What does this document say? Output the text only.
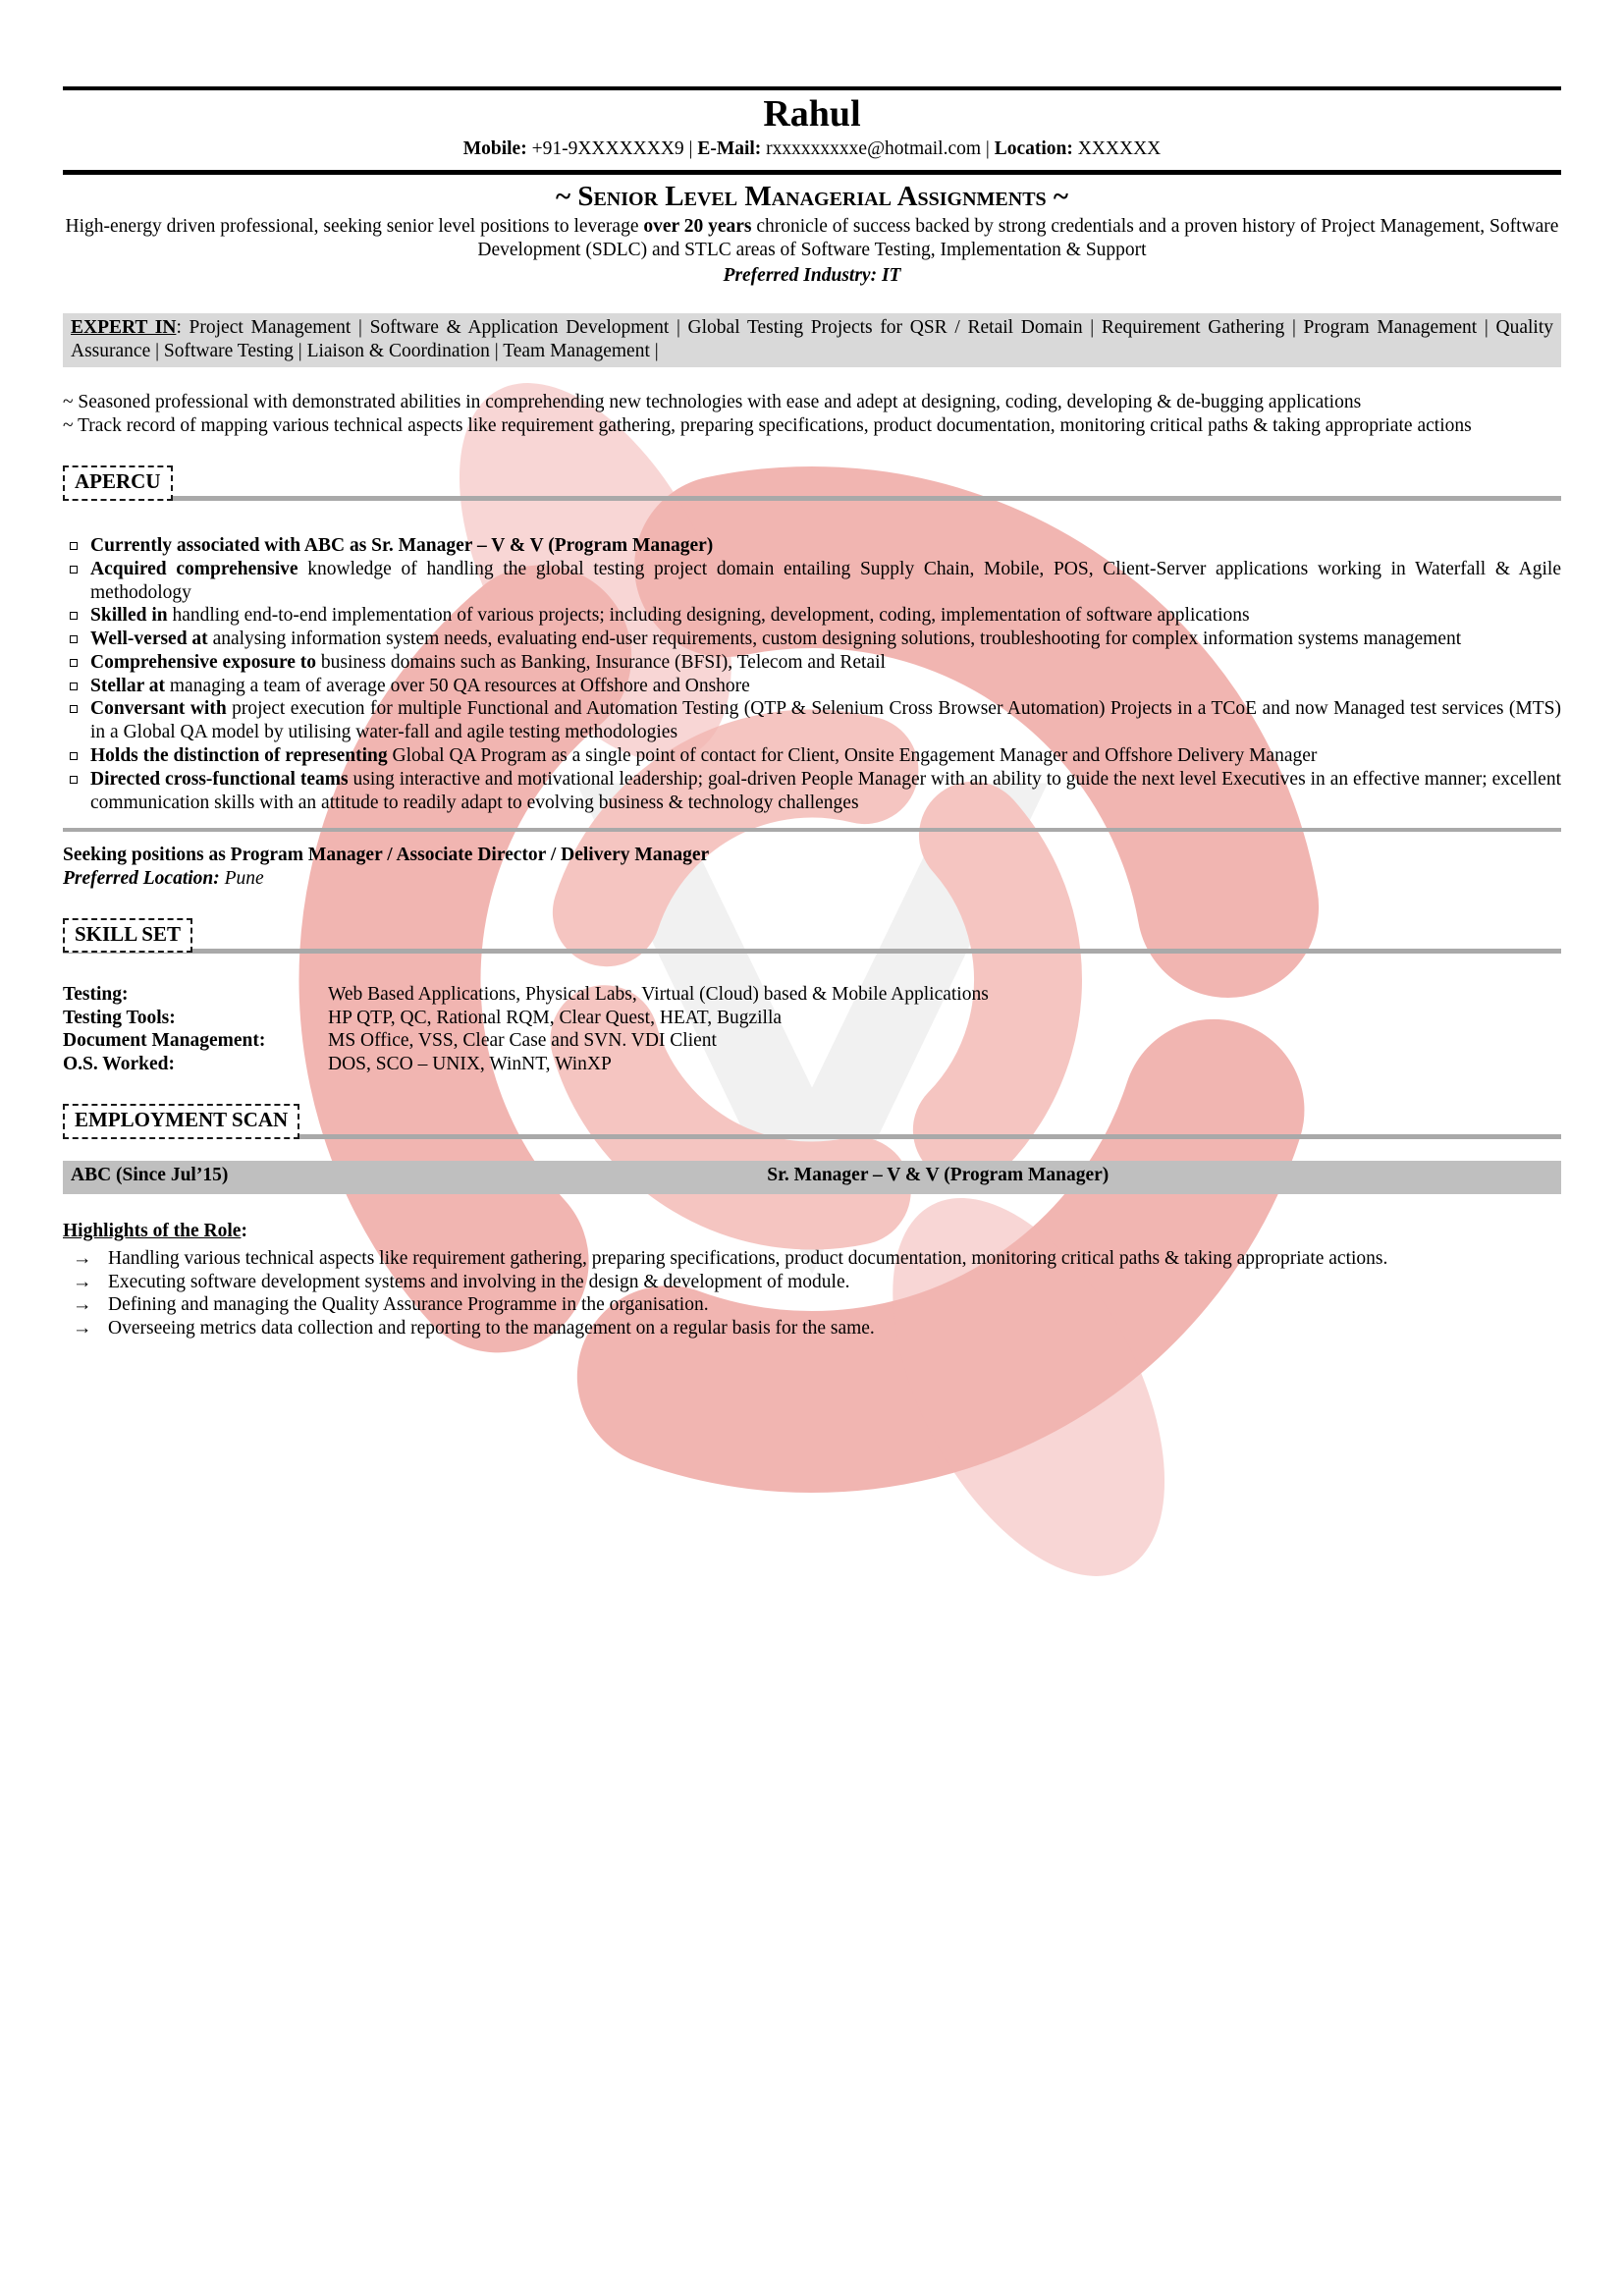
Rahul
Mobile: +91-9XXXXXXX9 | E-Mail: rxxxxxxxxxe@hotmail.com | Location: XXXXXX
~ Senior Level Managerial Assignments ~
High-energy driven professional, seeking senior level positions to leverage over 20 years chronicle of success backed by strong credentials and a proven history of Project Management, Software Development (SDLC) and STLC areas of Software Testing, Implementation & Support
Preferred Industry: IT
EXPERT IN: Project Management | Software & Application Development | Global Testing Projects for QSR / Retail Domain | Requirement Gathering | Program Management | Quality Assurance | Software Testing | Liaison & Coordination | Team Management |

~ Seasoned professional with demonstrated abilities in comprehending new technologies with ease and adept at designing, coding, developing & de-bugging applications

~ Track record of mapping various technical aspects like requirement gathering, preparing specifications, product documentation, monitoring critical paths & taking appropriate actions

APERCU
Currently associated with ABC as Sr. Manager – V & V (Program Manager)
Acquired comprehensive knowledge of handling the global testing project domain entailing Supply Chain, Mobile, POS, Client-Server applications working in Waterfall & Agile methodology
Skilled in handling end-to-end implementation of various projects; including designing, development, coding, implementation of software applications
Well-versed at analysing information system needs, evaluating end-user requirements, custom designing solutions, troubleshooting for complex information systems management
Comprehensive exposure to business domains such as Banking, Insurance (BFSI), Telecom and Retail
Stellar at managing a team of average over 50 QA resources at Offshore and Onshore
Conversant with project execution for multiple Functional and Automation Testing (QTP & Selenium Cross Browser Automation) Projects in a TCoE and now Managed test services (MTS) in a Global QA model by utilising water-fall and agile testing methodologies
Holds the distinction of representing Global QA Program as a single point of contact for Client, Onsite Engagement Manager and Offshore Delivery Manager
Directed cross-functional teams using interactive and motivational leadership; goal-driven People Manager with an ability to guide the next level Executives in an effective manner; excellent communication skills with an attitude to readily adapt to evolving business & technology challenges
Seeking positions as Program Manager / Associate Director / Delivery Manager
Preferred Location: Pune
SKILL SET
Testing:	Web Based Applications, Physical Labs, Virtual (Cloud) based & Mobile Applications
Testing Tools:	HP QTP, QC, Rational RQM, Clear Quest, HEAT, Bugzilla
Document Management:	MS Office, VSS, Clear Case and SVN. VDI Client
O.S. Worked:	DOS, SCO – UNIX, WinNT, WinXP
EMPLOYMENT SCAN
ABC (Since Jul’15)	Sr. Manager – V & V (Program Manager)
Highlights of the Role:
→ Handling various technical aspects like requirement gathering, preparing specifications, product documentation, monitoring critical paths & taking appropriate actions.
→ Executing software development systems and involving in the design & development of module.
→ Defining and managing the Quality Assurance Programme in the organisation.
→ Overseeing metrics data collection and reporting to the management on a regular basis for the same.
